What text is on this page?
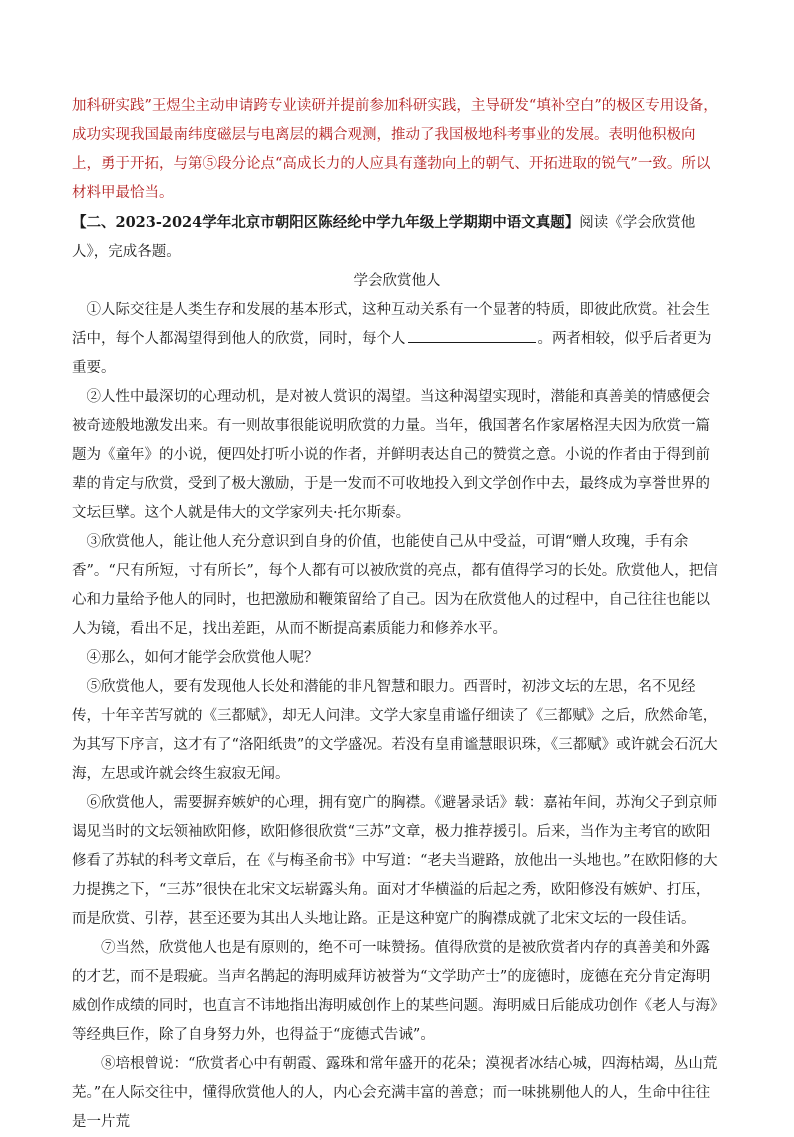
加科研实践”王煜尘主动申请跨专业读研并提前参加科研实践，主导研发“填补空白”的极区专用设备，成功实现我国最南纬度磁层与电离层的耦合观测，推动了我国极地科考事业的发展。表明他积极向上，勇于开拓，与第⑤段分论点“高成长力的人应具有蓬勃向上的朝气、开拓进取的锐气”一致。所以材料甲最恰当。

【二、2023-2024学年北京市朝阳区陈经纶中学九年级上学期期中语文真题】阅读《学会欣赏他人》，完成各题。

学会欣赏他人

①人际交往是人类生存和发展的基本形式，这种互动关系有一个显著的特质，即彼此欣赏。社会生活中，每个人都渴望得到他人的欣赏，同时，每个人	。两者相较，似乎后者更为重要。

②人性中最深切的心理动机，是对被人赏识的渴望。当这种渴望实现时，潜能和真善美的情感便会被奇迹般地激发出来。有一则故事很能说明欣赏的力量。当年，俄国著名作家屠格涅夫因为欣赏一篇题为《童年》的小说，便四处打听小说的作者，并鲜明表达自己的赞赏之意。小说的作者由于得到前辈的肯定与欣赏，受到了极大激励，于是一发而不可收地投入到文学创作中去，最终成为享誉世界的文坛巨擘。这个人就是伟大的文学家列夫·托尔斯泰。

③欣赏他人，能让他人充分意识到自身的价值，也能使自己从中受益，可谓“赠人玫瑰，手有余香”。“尺有所短，寸有所长”，每个人都有可以被欣赏的亮点，都有值得学习的长处。欣赏他人，把信心和力量给予他人的同时，也把激励和鞭策留给了自己。因为在欣赏他人的过程中，自己往往也能以人为镜，看出不足，找出差距，从而不断提高素质能力和修养水平。

④那么，如何才能学会欣赏他人呢？

⑤欣赏他人，要有发现他人长处和潜能的非凡智慧和眼力。西晋时，初涉文坛的左思，名不见经传，十年辛苦写就的《三都赋》，却无人问津。文学大家皇甫谧仔细读了《三都赋》之后，欣然命笔，为其写下序言，这才有了“洛阳纸贵”的文学盛况。若没有皇甫谧慧眼识珠，《三都赋》或许就会石沉大海，左思或许就会终生寂寂无闻。

⑥欣赏他人，需要摒弃嫉妒的心理，拥有宽广的胸襟。《避暑录话》载：嘉祐年间，苏洵父子到京师谒见当时的文坛领袖欧阳修，欧阳修很欣赏“三苏”文章，极力推荐援引。后来，当作为主考官的欧阳修看了苏轼的科考文章后，在《与梅圣俞书》中写道：“老夫当避路，放他出一头地也。”在欧阳修的大力提携之下，“三苏”很快在北宋文坛崭露头角。面对才华横溢的后起之秀，欧阳修没有嫉妒、打压，而是欣赏、引荐，甚至还要为其出人头地让路。正是这种宽广的胸襟成就了北宋文坛的一段佳话。

⑦当然，欣赏他人也是有原则的，绝不可一味赞扬。值得欣赏的是被欣赏者内存的真善美和外露的才艺，而不是瑕疵。当声名鹊起的海明威拜访被誉为“文学助产士”的庞德时，庞德在充分肯定海明威创作成绩的同时，也直言不讳地指出海明威创作上的某些问题。海明威日后能成功创作《老人与海》等经典巨作，除了自身努力外，也得益于“庞德式告诫”。

⑧培根曾说：“欣赏者心中有朝霞、露珠和常年盛开的花朵；漠视者冰结心城，四海枯竭，丛山荒芜。”在人际交往中，懂得欣赏他人的人，内心会充满丰富的善意；而一味挑剔他人的人，生命中往往是一片荒
